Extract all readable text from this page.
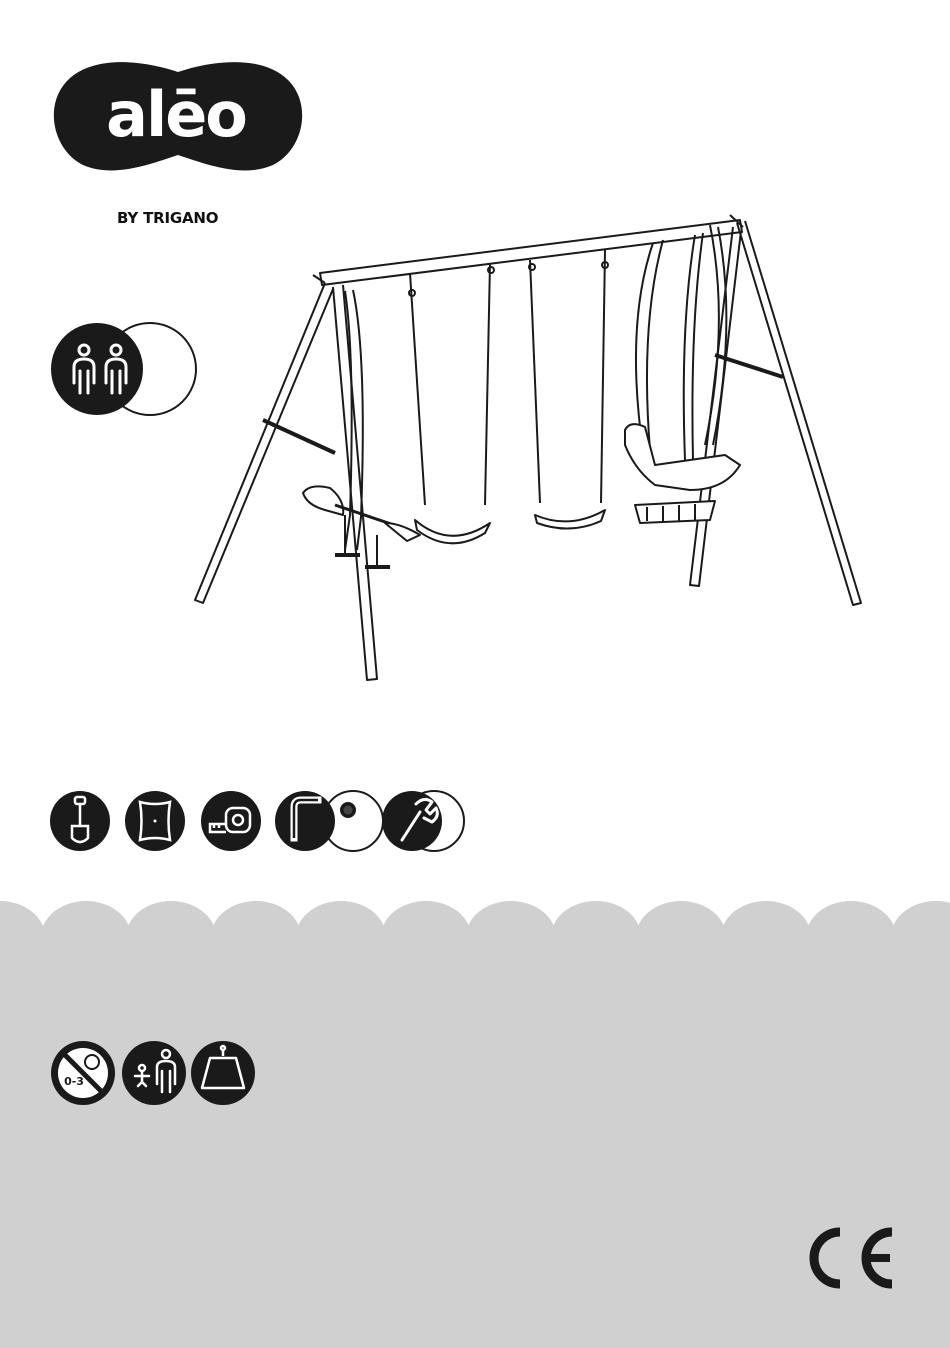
alēo
BY TRIGANO
0-3
